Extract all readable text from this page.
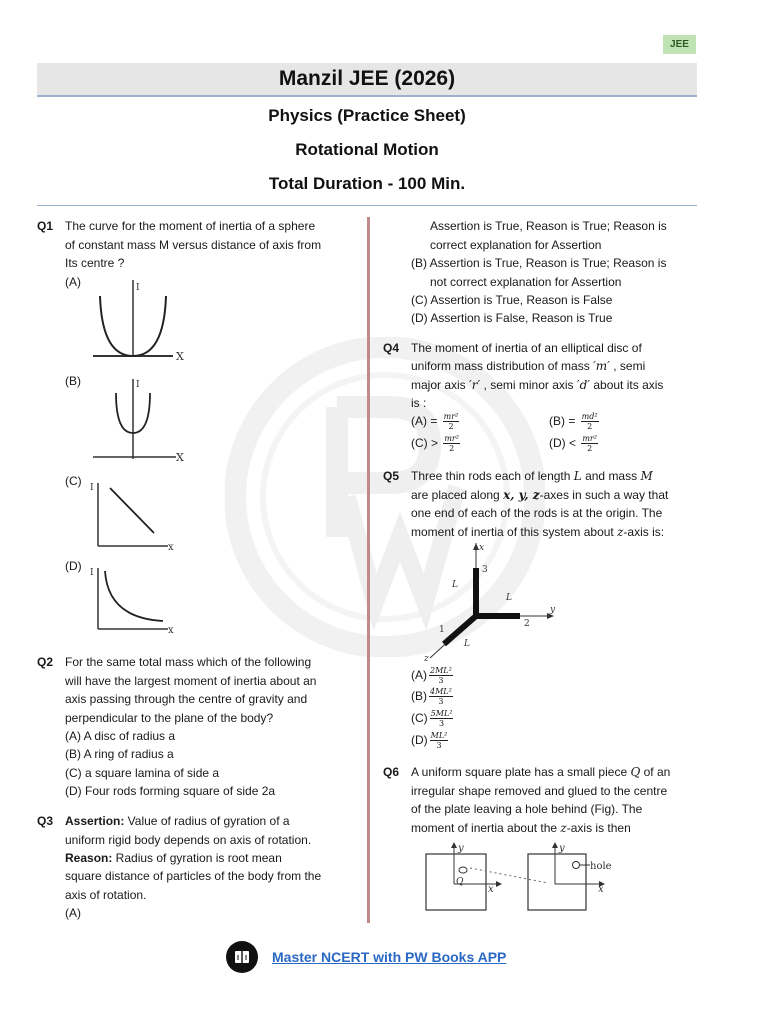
JEE
Manzil JEE (2026)
Physics (Practice Sheet)
Rotational Motion
Total Duration - 100 Min.
Q1 The curve for the moment of inertia of a sphere
of constant mass M versus distance of axis from
Its centre ?
(A)	I
X
(B)	I
X
(C) I
x
(D) I
x
Q2 For the same total mass which of the following
will have the largest moment of inertia about an
axis passing through the centre of gravity and
perpendicular to the plane of the body?
(A) A disc of radius a
(B) A ring of radius a
(C) a square lamina of side a
(D) Four rods forming square of side 2a
Q3 Assertion: Value of radius of gyration of a
uniform rigid body depends on axis of rotation.
Reason: Radius of gyration is root mean
square distance of particles of the body from the
axis of rotation.
(A)
Assertion is True, Reason is True; Reason is
correct explanation for Assertion
(B) Assertion is True, Reason is True; Reason is
not correct explanation for Assertion
(C) Assertion is True, Reason is False
(D) Assertion is False, Reason is True
Q4 The moment of inertia of an elliptical disc of
uniform mass distribution of mass ′m′ , semi
major axis ′r′ , semi minor axis ′d′ about its axis
is :
$(A) = \frac{\text{mr²}}{2}$	$(B) = \frac{\text{md²}}{2}$
$(C) > \frac{\text{mr²}}{2}$	$(D) < \frac{\text{mr²}}{2}$
Q5 Three thin rods each of length L and mass M
are placed along x, y, z-axes in such a way that
one end of each of the rods is at the origin. The
moment of inertia of this system about z-axis is:
x
y
z
3
2
1
L
L
L
$(A) \frac{\text{2ML²}}{3}$
$(B) \frac{\text{4ML²}}{3}$
$(C) \frac{\text{5ML²}}{3}$
$(D) \frac{\text{ML²}}{3}$
Q6 A uniform square plate has a small piece Q of an
irregular shape removed and glued to the centre
of the plate leaving a hole behind (Fig). The
moment of inertia about the z-axis is then
y
x
Q
y
x
hole
Master NCERT with PW Books APP
